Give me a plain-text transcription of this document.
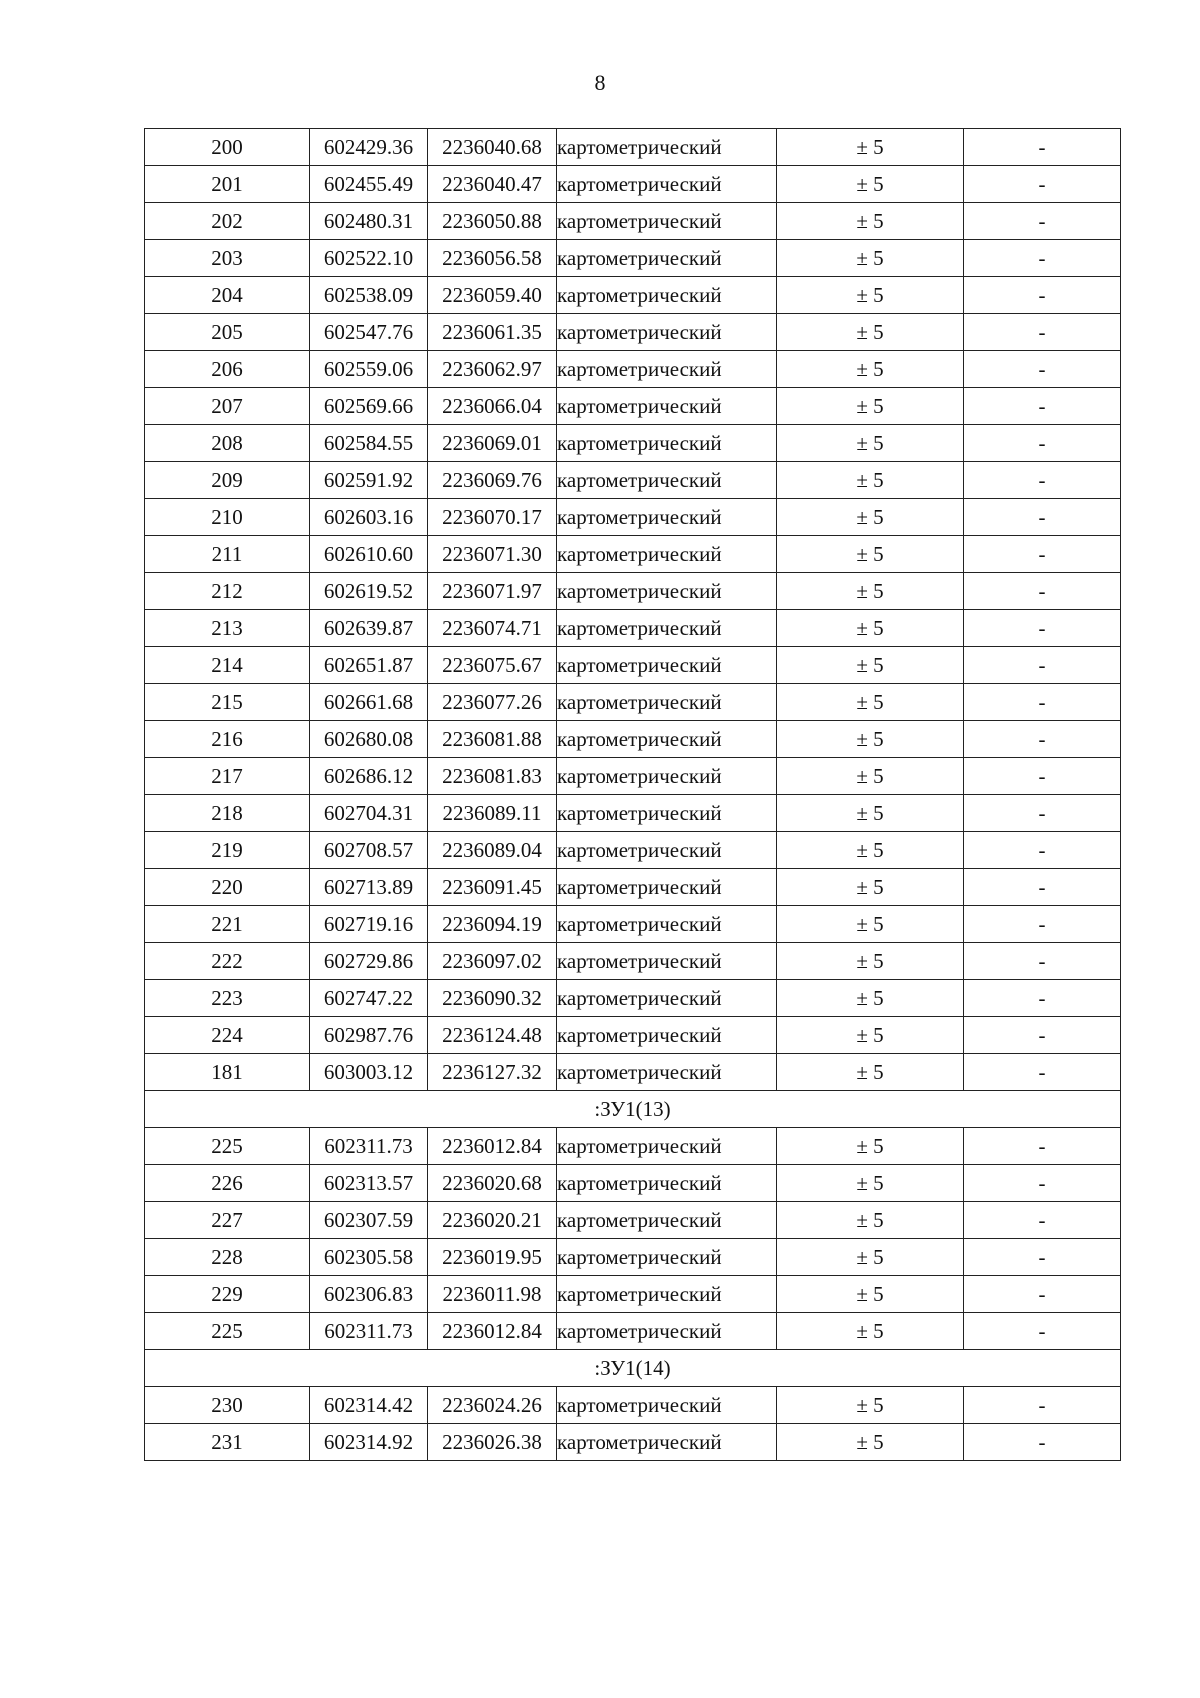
8
200	602429.36	2236040.68	картометрический	± 5	-
201	602455.49	2236040.47	картометрический	± 5	-
202	602480.31	2236050.88	картометрический	± 5	-
203	602522.10	2236056.58	картометрический	± 5	-
204	602538.09	2236059.40	картометрический	± 5	-
205	602547.76	2236061.35	картометрический	± 5	-
206	602559.06	2236062.97	картометрический	± 5	-
207	602569.66	2236066.04	картометрический	± 5	-
208	602584.55	2236069.01	картометрический	± 5	-
209	602591.92	2236069.76	картометрический	± 5	-
210	602603.16	2236070.17	картометрический	± 5	-
211	602610.60	2236071.30	картометрический	± 5	-
212	602619.52	2236071.97	картометрический	± 5	-
213	602639.87	2236074.71	картометрический	± 5	-
214	602651.87	2236075.67	картометрический	± 5	-
215	602661.68	2236077.26	картометрический	± 5	-
216	602680.08	2236081.88	картометрический	± 5	-
217	602686.12	2236081.83	картометрический	± 5	-
218	602704.31	2236089.11	картометрический	± 5	-
219	602708.57	2236089.04	картометрический	± 5	-
220	602713.89	2236091.45	картометрический	± 5	-
221	602719.16	2236094.19	картометрический	± 5	-
222	602729.86	2236097.02	картометрический	± 5	-
223	602747.22	2236090.32	картометрический	± 5	-
224	602987.76	2236124.48	картометрический	± 5	-
181	603003.12	2236127.32	картометрический	± 5	-
:ЗУ1(13)					
225	602311.73	2236012.84	картометрический	± 5	-
226	602313.57	2236020.68	картометрический	± 5	-
227	602307.59	2236020.21	картометрический	± 5	-
228	602305.58	2236019.95	картометрический	± 5	-
229	602306.83	2236011.98	картометрический	± 5	-
225	602311.73	2236012.84	картометрический	± 5	-
:ЗУ1(14)					
230	602314.42	2236024.26	картометрический	± 5	-
231	602314.92	2236026.38	картометрический	± 5	-
